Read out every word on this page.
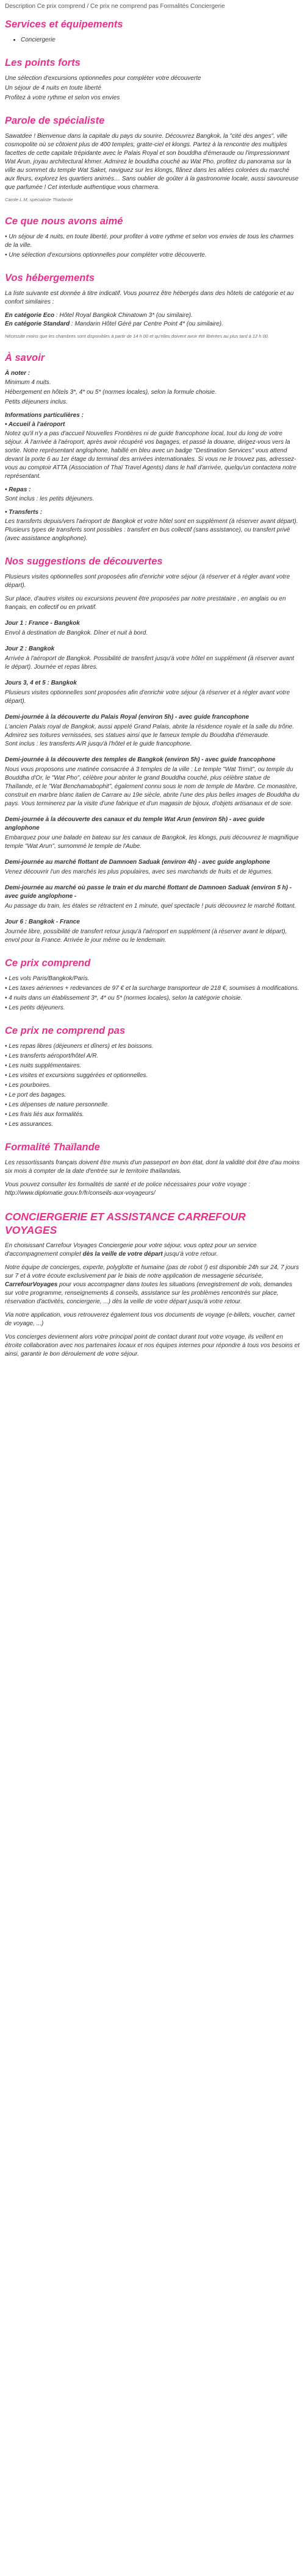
Description Ce prix comprend / Ce prix ne comprend pas Formalités Conciergerie

Services et équipements
• Conciergerie
Les points forts

Une sélection d'excursions optionnelles pour compléter votre découverte

Un séjour de 4 nuits en toute liberté

Profitez à votre rythme et selon vos envies

Parole de spécialiste

Sawatdee ! Bienvenue dans la capitale du pays du sourire. Découvrez Bangkok, la "cité des anges", ville cosmopolite où se côtoient plus de 400 temples, gratte-ciel et klongs. Partez à la rencontre des multiples facettes de cette capitale trépidante avec le Palais Royal et son bouddha d'émeraude ou l'impressionnant Wat Arun, joyau architectural khmer. Admirez le bouddha couché au Wat Pho, profitez du panorama sur la ville au sommet du temple Wat Saket, naviguez sur les klongs, flânez dans les allées colorées du marché aux fleurs, explorez les quartiers animés… Sans oublier de goûter à la gastronomie locale, aussi savoureuse que parfumée ! Cet interlude authentique vous charmera.

Carole L.M, spécialiste Thaïlande

Ce que nous avons aimé

• Un séjour de 4 nuits, en toute liberté, pour profiter à votre rythme et selon vos envies de tous les charmes de la ville.

• Une sélection d'excursions optionnelles pour compléter votre découverte.

Vos hébergements

La liste suivante est donnée à titre indicatif. Vous pourrez être hébergés dans des hôtels de catégorie et au confort similaires :

En catégorie Eco : Hôtel Royal Bangkok Chinatown 3* (ou similaire).
En catégorie Standard : Mandarin Hôtel Géré par Centre Point 4* (ou similaire).

Nécessite moins que les chambres sont disponibles à partir de 14 h 00 et qu'elles doivent avoir été libérées au plus tard à 12 h 00.

À savoir

À noter :

Minimum 4 nuits.

Hébergement en hôtels 3*, 4* ou 5* (normes locales), selon la formule choisie.

Petits déjeuners inclus.

Informations particulières :

• Accueil à l'aéroport

Notez qu'il n'y a pas d'accueil Nouvelles Frontières ni de guide francophone local, tout du long de votre séjour. À l'arrivée à l'aéroport, après avoir récupéré vos bagages, et passé la douane, dirigez-vous vers la sortie. Notre représentant anglophone, habillé en bleu avec un badge "Destination Services" vous attend devant la porte 6 au 1er étage du terminal des arrivées internationales. Si vous ne le trouvez pas, adressez-vous au comptoir ATTA (Association of Thaï Travel Agents) dans le hall d'arrivée, quelqu'un contactera notre représentant.

• Repas :

Sont inclus : les petits déjeuners.

• Transferts :

Les transferts depuis/vers l'aéroport de Bangkok et votre hôtel sont en supplément (à réserver avant départ). Plusieurs types de transferts sont possibles : transfert en bus collectif (sans assistance), ou transfert privé (avec assistance anglophone).

Nos suggestions de découvertes

Plusieurs visites optionnelles sont proposées afin d'enrichir votre séjour (à réserver et à régler avant votre départ).

Sur place, d'autres visites ou excursions peuvent être proposées par notre prestataire , en anglais ou en français, en collectif ou en privatif.

Jour 1 : France - Bangkok

Envol à destination de Bangkok. Dîner et nuit à bord.

Jour 2 : Bangkok

Arrivée à l'aéroport de Bangkok. Possibilité de transfert jusqu'à votre hôtel en supplément (à réserver avant le départ). Journée et repas libres.

Jours 3, 4 et 5 : Bangkok

Plusieurs visites optionnelles sont proposées afin d'enrichir votre séjour (à réserver et à régler avant votre départ).

Demi-journée à la découverte du Palais Royal (environ 5h) - avec guide francophone

L'ancien Palais royal de Bangkok, aussi appelé Grand Palais, abrite la résidence royale et la salle du trône. Admirez ses toitures vernissées, ses statues ainsi que le fameux temple du Bouddha d'émeraude.
Sont inclus : les transferts A/R jusqu'à l'hôtel et le guide francophone.

Demi-journée à la découverte des temples de Bangkok (environ 5h) - avec guide francophone

Nous vous proposons une matinée consacrée à 3 temples de la ville : Le temple "Wat Trimit", ou temple du Bouddha d'Or, le "Wat Pho", célèbre pour abriter le grand Bouddha couché, plus célèbre statue de Thaïlande, et le "Wat Benchamabophit", également connu sous le nom de temple de Marbre. Ce monastère, construit en marbre blanc italien de Carrare au 19e siècle, abrite l'une des plus belles images de Bouddha du pays. Vous terminerez par la visite d'une fabrique et d'un magasin de bijoux, d'objets artisanaux et de soie.

Demi-journée à la découverte des canaux et du temple Wat Arun (environ 5h) - avec guide anglophone

Embarquez pour une balade en bateau sur les canaux de Bangkok, les klongs, puis découvrez le magnifique temple "Wat Arun", surnommé le temple de l'Aube.

Demi-journée au marché flottant de Damnoen Saduak (environ 4h) - avec guide anglophone

Venez découvrir l'un des marchés les plus populaires, avec ses marchands de fruits et de légumes.

Demi-journée au marché où passe le train et du marché flottant de Damnoen Saduak (environ 5 h) - avec guide anglophone -

Au passage du train, les étales se rétractent en 1 minute, quel spectacle ! puis découvrez le marché flottant.

Jour 6 : Bangkok - France

Journée libre, possibilité de transfert retour jusqu'à l'aéroport en supplément (à réserver avant le départ), envol pour la France. Arrivée le jour même ou le lendemain.

Ce prix comprend

• Les vols Paris/Bangkok/Paris.

• Les taxes aériennes + redevances de 97 € et la surcharge transporteur de 218 €, soumises à modifications.

• 4 nuits dans un établissement 3*, 4* ou 5* (normes locales), selon la catégorie choisie.

• Les petits déjeuners.

Ce prix ne comprend pas

• Les repas libres (déjeuners et dîners) et les boissons.

• Les transferts aéroport/hôtel A/R.

• Les nuits supplémentaires.

• Les visites et excursions suggérées et optionnelles.

• Les pourboires.

• Le port des bagages.

• Les dépenses de nature personnelle.

• Les frais liés aux formalités.

• Les assurances.

Formalité Thaïlande

Les ressortissants français doivent être munis d'un passeport en bon état, dont la validité doit être d'au moins six mois à compter de la date d'entrée sur le territoire thaïlandais.

Vous pouvez consulter les formalités de santé et de police nécessaires pour votre voyage : http://www.diplomatie.gouv.fr/fr/conseils-aux-voyageurs/

CONCIERGERIE ET ASSISTANCE CARREFOUR VOYAGES

En choisissant Carrefour Voyages Conciergerie pour votre séjour, vous optez pour un service d'accompagnement complet dès la veille de votre départ jusqu'à votre retour.

Notre équipe de concierges, experte, polyglotte et humaine (pas de robot !) est disponible 24h sur 24, 7 jours sur 7 et à votre écoute exclusivement par le biais de notre application de messagerie sécurisée, CarrefourVoyages pour vous accompagner dans toutes les situations (enregistrement de vols, demandes sur votre programme, renseignements & conseils, assistance sur les problèmes rencontrés sur place, réservation d'activités, conciergerie, ...) dès la veille de votre départ jusqu'à votre retour.

Via notre application, vous retrouverez également tous vos documents de voyage (e-billets, voucher, carnet de voyage, ...)

Vos concierges deviennent alors votre principal point de contact durant tout votre voyage, ils veillent en étroite collaboration avec nos partenaires locaux et nos équipes internes pour répondre à tous vos besoins et ainsi, garantir le bon déroulement de votre séjour.
